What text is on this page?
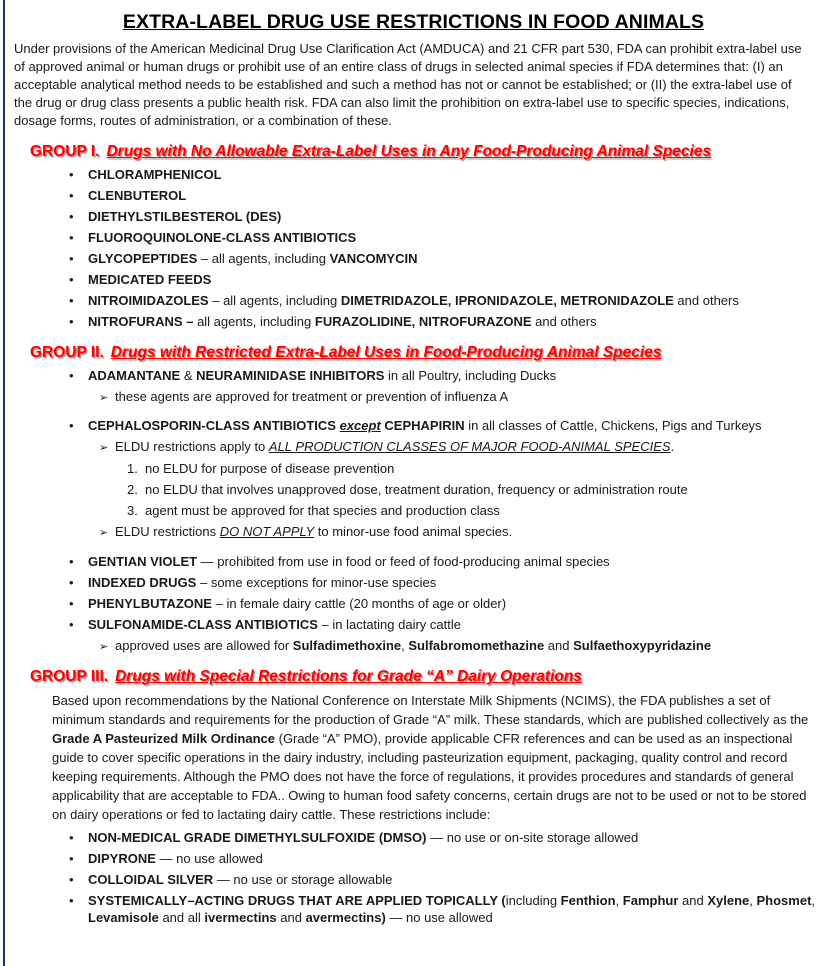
EXTRA-LABEL DRUG USE RESTRICTIONS IN FOOD ANIMALS

Under provisions of the American Medicinal Drug Use Clarification Act (AMDUCA) and 21 CFR part 530, FDA can prohibit extra-label use of approved animal or human drugs or prohibit use of an entire class of drugs in selected animal species if FDA determines that: (I) an acceptable analytical method needs to be established and such a method has not or cannot be established; or (II) the extra-label use of the drug or drug class presents a public health risk. FDA can also limit the prohibition on extra-label use to specific species, indications, dosage forms, routes of administration, or a combination of these.

GROUP I. Drugs with No Allowable Extra-Label Uses in Any Food-Producing Animal Species
•	CHLORAMPHENICOL
•	CLENBUTEROL
•	DIETHYLSTILBESTEROL (DES)
•	FLUOROQUINOLONE-CLASS ANTIBIOTICS
•	GLYCOPEPTIDES – all agents, including VANCOMYCIN
•	MEDICATED FEEDS
•	NITROIMIDAZOLES – all agents, including DIMETRIDAZOLE, IPRONIDAZOLE, METRONIDAZOLE and others
•	NITROFURANS – all agents, including FURAZOLIDINE, NITROFURAZONE and others
GROUP II. Drugs with Restricted Extra-Label Uses in Food-Producing Animal Species
•	ADAMANTANE & NEURAMINIDASE INHIBITORS in all Poultry, including Ducks
➢ these agents are approved for treatment or prevention of influenza A
•	CEPHALOSPORIN-CLASS ANTIBIOTICS except CEPHAPIRIN in all classes of Cattle, Chickens, Pigs and Turkeys
➢ ELDU restrictions apply to ALL PRODUCTION CLASSES OF MAJOR FOOD-ANIMAL SPECIES.
1. no ELDU for purpose of disease prevention
2. no ELDU that involves unapproved dose, treatment duration, frequency or administration route
3. agent must be approved for that species and production class
➢ ELDU restrictions DO NOT APPLY to minor-use food animal species.
•	GENTIAN VIOLET — prohibited from use in food or feed of food-producing animal species
•	INDEXED DRUGS – some exceptions for minor-use species
•	PHENYLBUTAZONE – in female dairy cattle (20 months of age or older)
•	SULFONAMIDE-CLASS ANTIBIOTICS – in lactating dairy cattle
➢ approved uses are allowed for Sulfadimethoxine, Sulfabromomethazine and Sulfaethoxypyridazine
GROUP III. Drugs with Special Restrictions for Grade “A” Dairy Operations

Based upon recommendations by the National Conference on Interstate Milk Shipments (NCIMS), the FDA publishes a set of minimum standards and requirements for the production of Grade “A” milk. These standards, which are published collectively as the Grade A Pasteurized Milk Ordinance (Grade “A” PMO), provide applicable CFR references and can be used as an inspectional guide to cover specific operations in the dairy industry, including pasteurization equipment, packaging, quality control and record keeping requirements. Although the PMO does not have the force of regulations, it provides procedures and standards of general applicability that are acceptable to FDA.. Owing to human food safety concerns, certain drugs are not to be used or not to be stored on dairy operations or fed to lactating dairy cattle. These restrictions include:

•	NON-MEDICAL GRADE DIMETHYLSULFOXIDE (DMSO) — no use or on-site storage allowed
•	DIPYRONE — no use allowed
•	COLLOIDAL SILVER — no use or storage allowable
•	SYSTEMICALLY–ACTING DRUGS THAT ARE APPLIED TOPICALLY (including Fenthion, Famphur and Xylene, Phosmet, Levamisole and all ivermectins and avermectins) — no use allowed
